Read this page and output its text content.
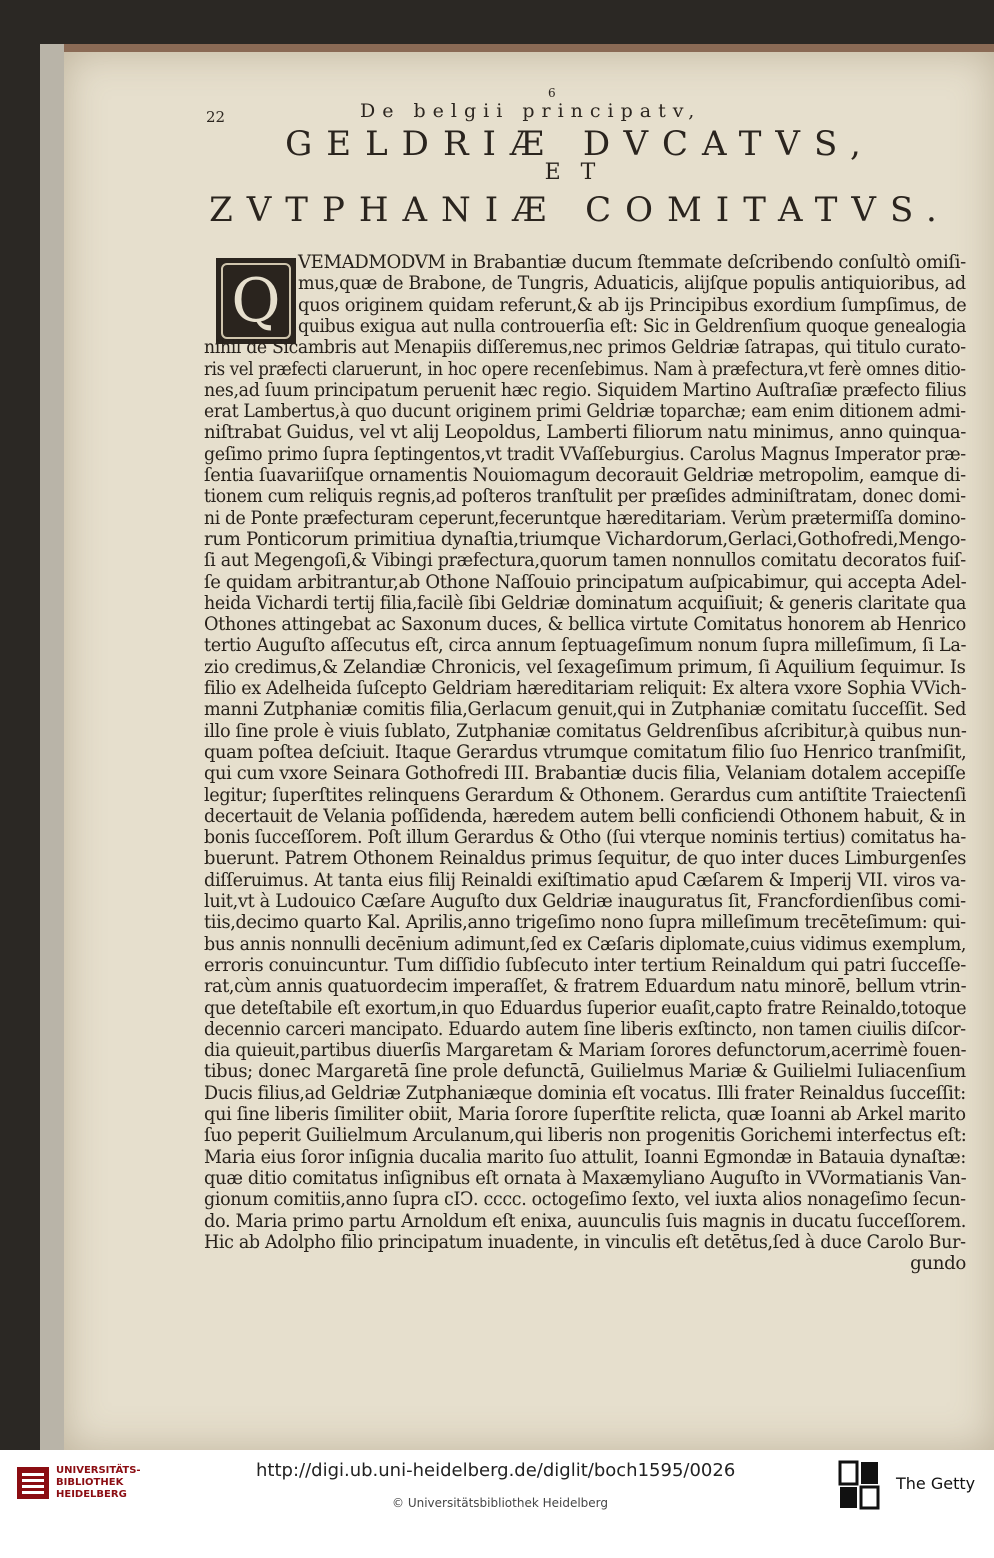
22
6
De belgii principatv,
GELDRIÆ DVCATVS,
ET
ZVTPHANIÆ COMITATVS.
Q
VEMADMODVM in Brabantiæ ducum ſtemmate deſcribendo conſultò omiſi-
mus,quæ de Brabone, de Tungris, Aduaticis, alijſque populis antiquioribus, ad
quos originem quidam referunt,& ab ijs Principibus exordium ſumpſimus, de
quibus exigua aut nulla controuerſia eſt: Sic in Geldrenſium quoque genealogia
nihil de Sicambris aut Menapiis diſſeremus,nec primos Geldriæ ſatrapas, qui titulo curato-
ris vel præfecti claruerunt, in hoc opere recenſebimus. Nam à præfectura,vt ferè omnes ditio-
nes,ad ſuum principatum peruenit hæc regio. Siquidem Martino Auſtraſiæ præfecto filius
erat Lambertus,à quo ducunt originem primi Geldriæ toparchæ; eam enim ditionem admi-
niſtrabat Guidus, vel vt alij Leopoldus, Lamberti filiorum natu minimus, anno quinqua-
geſimo primo ſupra ſeptingentos,vt tradit VVaſſeburgius. Carolus Magnus Imperator præ-
ſentia ſuavariiſque ornamentis Nouiomagum decorauit Geldriæ metropolim, eamque di-
tionem cum reliquis regnis,ad poſteros tranſtulit per præſides adminiſtratam, donec domi-
ni de Ponte præfecturam ceperunt,feceruntque hæreditariam. Verùm prætermiſſa domino-
rum Ponticorum primitiua dynaſtia,triumque Vichardorum,Gerlaci,Gothofredi,Mengo-
ſi aut Megengoſi,& Vibingi præfectura,quorum tamen nonnullos comitatu decoratos fuiſ-
ſe quidam arbitrantur,ab Othone Naſſouio principatum auſpicabimur, qui accepta Adel-
heida Vichardi tertij filia,facilè ſibi Geldriæ dominatum acquiſiuit; & generis claritate qua
Othones attingebat ac Saxonum duces, & bellica virtute Comitatus honorem ab Henrico
tertio Auguſto aſſecutus eſt, circa annum ſeptuageſimum nonum ſupra milleſimum, ſi La-
zio credimus,& Zelandiæ Chronicis, vel ſexageſimum primum, ſi Aquilium ſequimur. Is
filio ex Adelheida ſuſcepto Geldriam hæreditariam reliquit: Ex altera vxore Sophia VVich-
manni Zutphaniæ comitis filia,Gerlacum genuit,qui in Zutphaniæ comitatu ſucceſſit. Sed
illo ſine prole è viuis ſublato, Zutphaniæ comitatus Geldrenſibus aſcribitur,à quibus nun-
quam poſtea deſciuit. Itaque Gerardus vtrumque comitatum filio ſuo Henrico tranſmiſit,
qui cum vxore Seinara Gothofredi III. Brabantiæ ducis filia, Velaniam dotalem accepiſſe
legitur; ſuperſtites relinquens Gerardum & Othonem. Gerardus cum antiſtite Traiectenſi
decertauit de Velania poſſidenda, hæredem autem belli conficiendi Othonem habuit, & in
bonis ſucceſſorem. Poſt illum Gerardus & Otho (ſui vterque nominis tertius) comitatus ha-
buerunt. Patrem Othonem Reinaldus primus ſequitur, de quo inter duces Limburgenſes
diſſeruimus. At tanta eius filij Reinaldi exiſtimatio apud Cæſarem & Imperij VII. viros va-
luit,vt à Ludouico Cæſare Auguſto dux Geldriæ inauguratus ſit, Francfordienſibus comi-
tiis,decimo quarto Kal. Aprilis,anno trigeſimo nono ſupra milleſimum trecēteſimum: qui-
bus annis nonnulli decēnium adimunt,ſed ex Cæſaris diplomate,cuius vidimus exemplum,
erroris conuincuntur. Tum diſſidio ſubſecuto inter tertium Reinaldum qui patri ſucceſſe-
rat,cùm annis quatuordecim imperaſſet, & fratrem Eduardum natu minorē, bellum vtrin-
que deteſtabile eſt exortum,in quo Eduardus ſuperior euaſit,capto fratre Reinaldo,totoque
decennio carceri mancipato. Eduardo autem ſine liberis exſtincto, non tamen ciuilis diſcor-
dia quieuit,partibus diuerſis Margaretam & Mariam ſorores defunctorum,acerrimè fouen-
tibus; donec Margaretā ſine prole defunctā, Guilielmus Mariæ & Guilielmi Iuliacenſium
Ducis filius,ad Geldriæ Zutphaniæque dominia eſt vocatus. Illi frater Reinaldus ſucceſſit:
qui ſine liberis ſimiliter obiit, Maria ſorore ſuperſtite relicta, quæ Ioanni ab Arkel marito
ſuo peperit Guilielmum Arculanum,qui liberis non progenitis Gorichemi interfectus eſt:
Maria eius ſoror inſignia ducalia marito ſuo attulit, Ioanni Egmondæ in Batauia dynaſtæ:
quæ ditio comitatus inſignibus eſt ornata à Maxæmyliano Auguſto in VVormatianis Van-
gionum comitiis,anno ſupra cIↃ. cccc. octogeſimo ſexto, vel iuxta alios nonageſimo ſecun-
do. Maria primo partu Arnoldum eſt enixa, auunculis ſuis magnis in ducatu ſucceſſorem.
Hic ab Adolpho filio principatum inuadente, in vinculis eſt detētus,ſed à duce Carolo Bur-
gundo
UNIVERSITÄTS-
BIBLIOTHEK
HEIDELBERG
http://digi.ub.uni-heidelberg.de/diglit/boch1595/0026
© Universitätsbibliothek Heidelberg
The Getty
